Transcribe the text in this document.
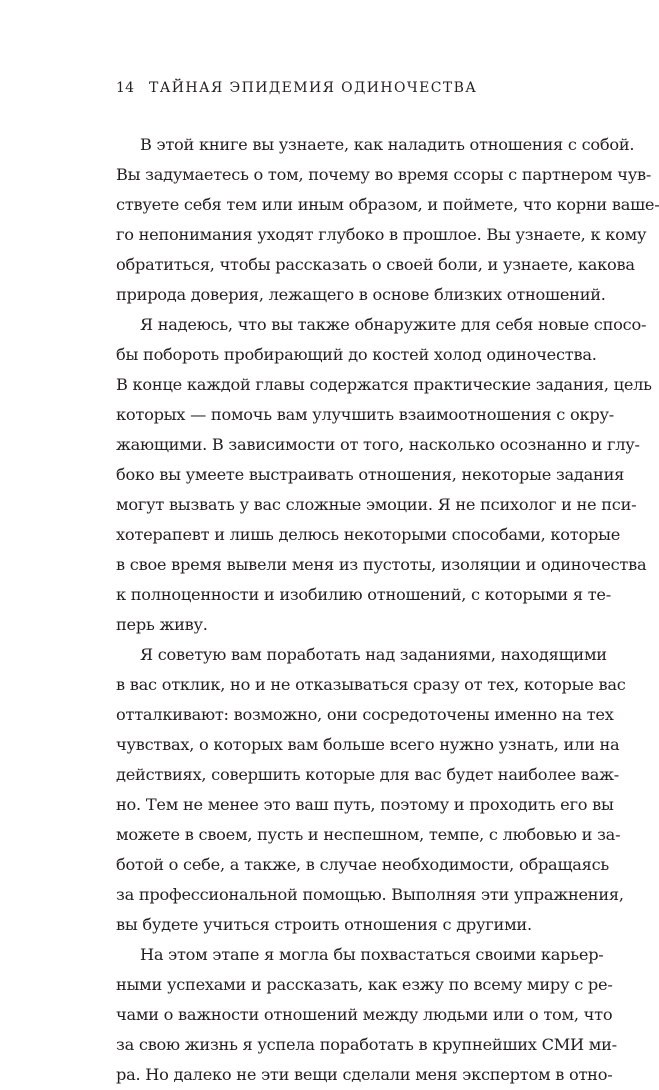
14	ТАЙНАЯ ЭПИДЕМИЯ ОДИНОЧЕСТВА
В этой книге вы узнаете, как наладить отношения с собой.
Вы задумаетесь о том, почему во время ссоры с партнером чув-
ствуете себя тем или иным образом, и поймете, что корни ваше-
го непонимания уходят глубоко в прошлое. Вы узнаете, к кому
обратиться, чтобы рассказать о своей боли, и узнаете, какова
природа доверия, лежащего в основе близких отношений.
Я надеюсь, что вы также обнаружите для себя новые спосо-
бы побороть пробирающий до костей холод одиночества.
В конце каждой главы содержатся практические задания, цель
которых — помочь вам улучшить взаимоотношения с окру-
жающими. В зависимости от того, насколько осознанно и глу-
боко вы умеете выстраивать отношения, некоторые задания
могут вызвать у вас сложные эмоции. Я не психолог и не пси-
хотерапевт и лишь делюсь некоторыми способами, которые
в свое время вывели меня из пустоты, изоляции и одиночества
к полноценности и изобилию отношений, с которыми я те-
перь живу.
Я советую вам поработать над заданиями, находящими
в вас отклик, но и не отказываться сразу от тех, которые вас
отталкивают: возможно, они сосредоточены именно на тех
чувствах, о которых вам больше всего нужно узнать, или на
действиях, совершить которые для вас будет наиболее важ-
но. Тем не менее это ваш путь, поэтому и проходить его вы
можете в своем, пусть и неспешном, темпе, с любовью и за-
ботой о себе, а также, в случае необходимости, обращаясь
за профессиональной помощью. Выполняя эти упражнения,
вы будете учиться строить отношения с другими.
На этом этапе я могла бы похвастаться своими карьер-
ными успехами и рассказать, как езжу по всему миру с ре-
чами о важности отношений между людьми или о том, что
за свою жизнь я успела поработать в крупнейших СМИ ми-
ра. Но далеко не эти вещи сделали меня экспертом в отно-
